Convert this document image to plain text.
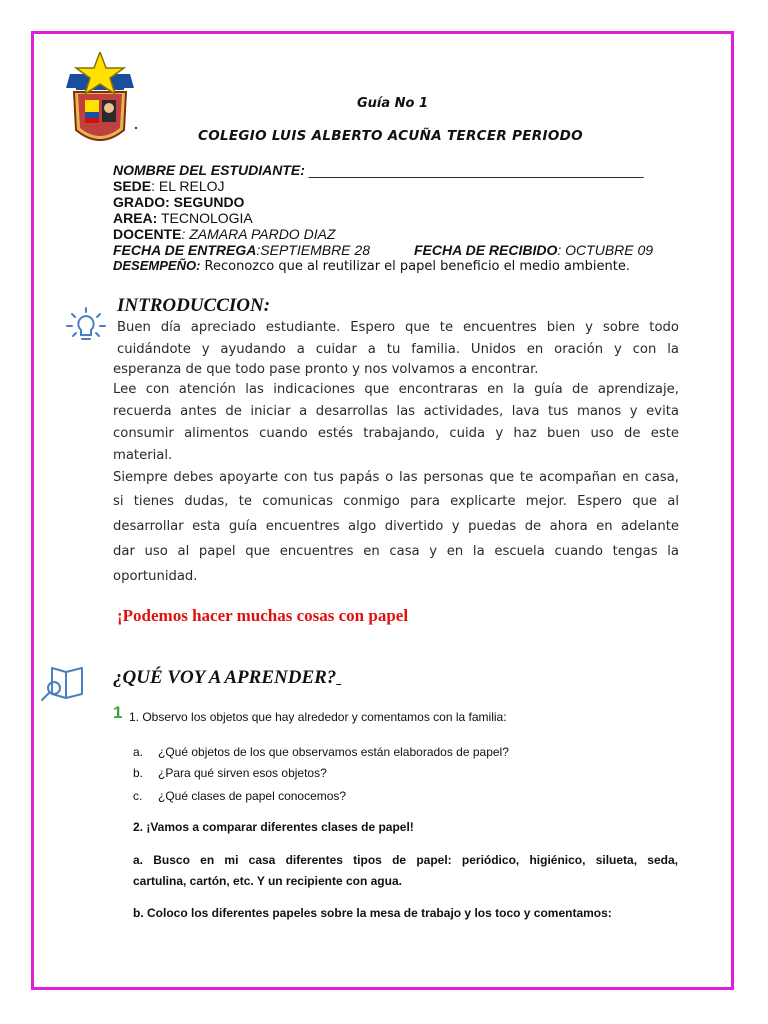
Guía No 1
COLEGIO LUIS ALBERTO ACUÑA TERCER PERIODO
NOMBRE DEL ESTUDIANTE: ___________________________________________
SEDE: EL RELOJ
GRADO: SEGUNDO
AREA: TECNOLOGIA
DOCENTE: ZAMARA PARDO DIAZ
FECHA DE ENTREGA:SEPTIEMBRE 28	FECHA DE RECIBIDO: OCTUBRE 09
DESEMPEÑO: Reconozco que al reutilizar el papel beneficio el medio ambiente.
INTRODUCCION:
Buen día apreciado estudiante. Espero que te encuentres bien y sobre todo
cuidándote y ayudando a cuidar a tu familia. Unidos en oración y con la
esperanza de que todo pase pronto y nos volvamos a encontrar.
Lee con atención las indicaciones que encontraras en la guía de aprendizaje,
recuerda antes de iniciar a desarrollas las actividades, lava tus manos y evita
consumir alimentos cuando estés trabajando, cuida y haz buen uso de este
material.
Siempre debes apoyarte con tus papás o las personas que te acompañan en casa,
si tienes dudas, te comunicas conmigo para explicarte mejor. Espero que al
desarrollar esta guía encuentres algo divertido y puedas de ahora en adelante
dar uso al papel que encuentres en casa y en la escuela cuando tengas la
oportunidad.
¡Podemos hacer muchas cosas con papel
¿QUÉ VOY A APRENDER?
1 1. Observo los objetos que hay alrededor y comentamos con la familia:
a. ¿Qué objetos de los que observamos están elaborados de papel?
b. ¿Para qué sirven esos objetos?
c. ¿Qué clases de papel conocemos?
2. ¡Vamos a comparar diferentes clases de papel!
a. Busco en mi casa diferentes tipos de papel: periódico, higiénico, silueta, seda,
cartulina, cartón, etc. Y un recipiente con agua.
b. Coloco los diferentes papeles sobre la mesa de trabajo y los toco y comentamos:
